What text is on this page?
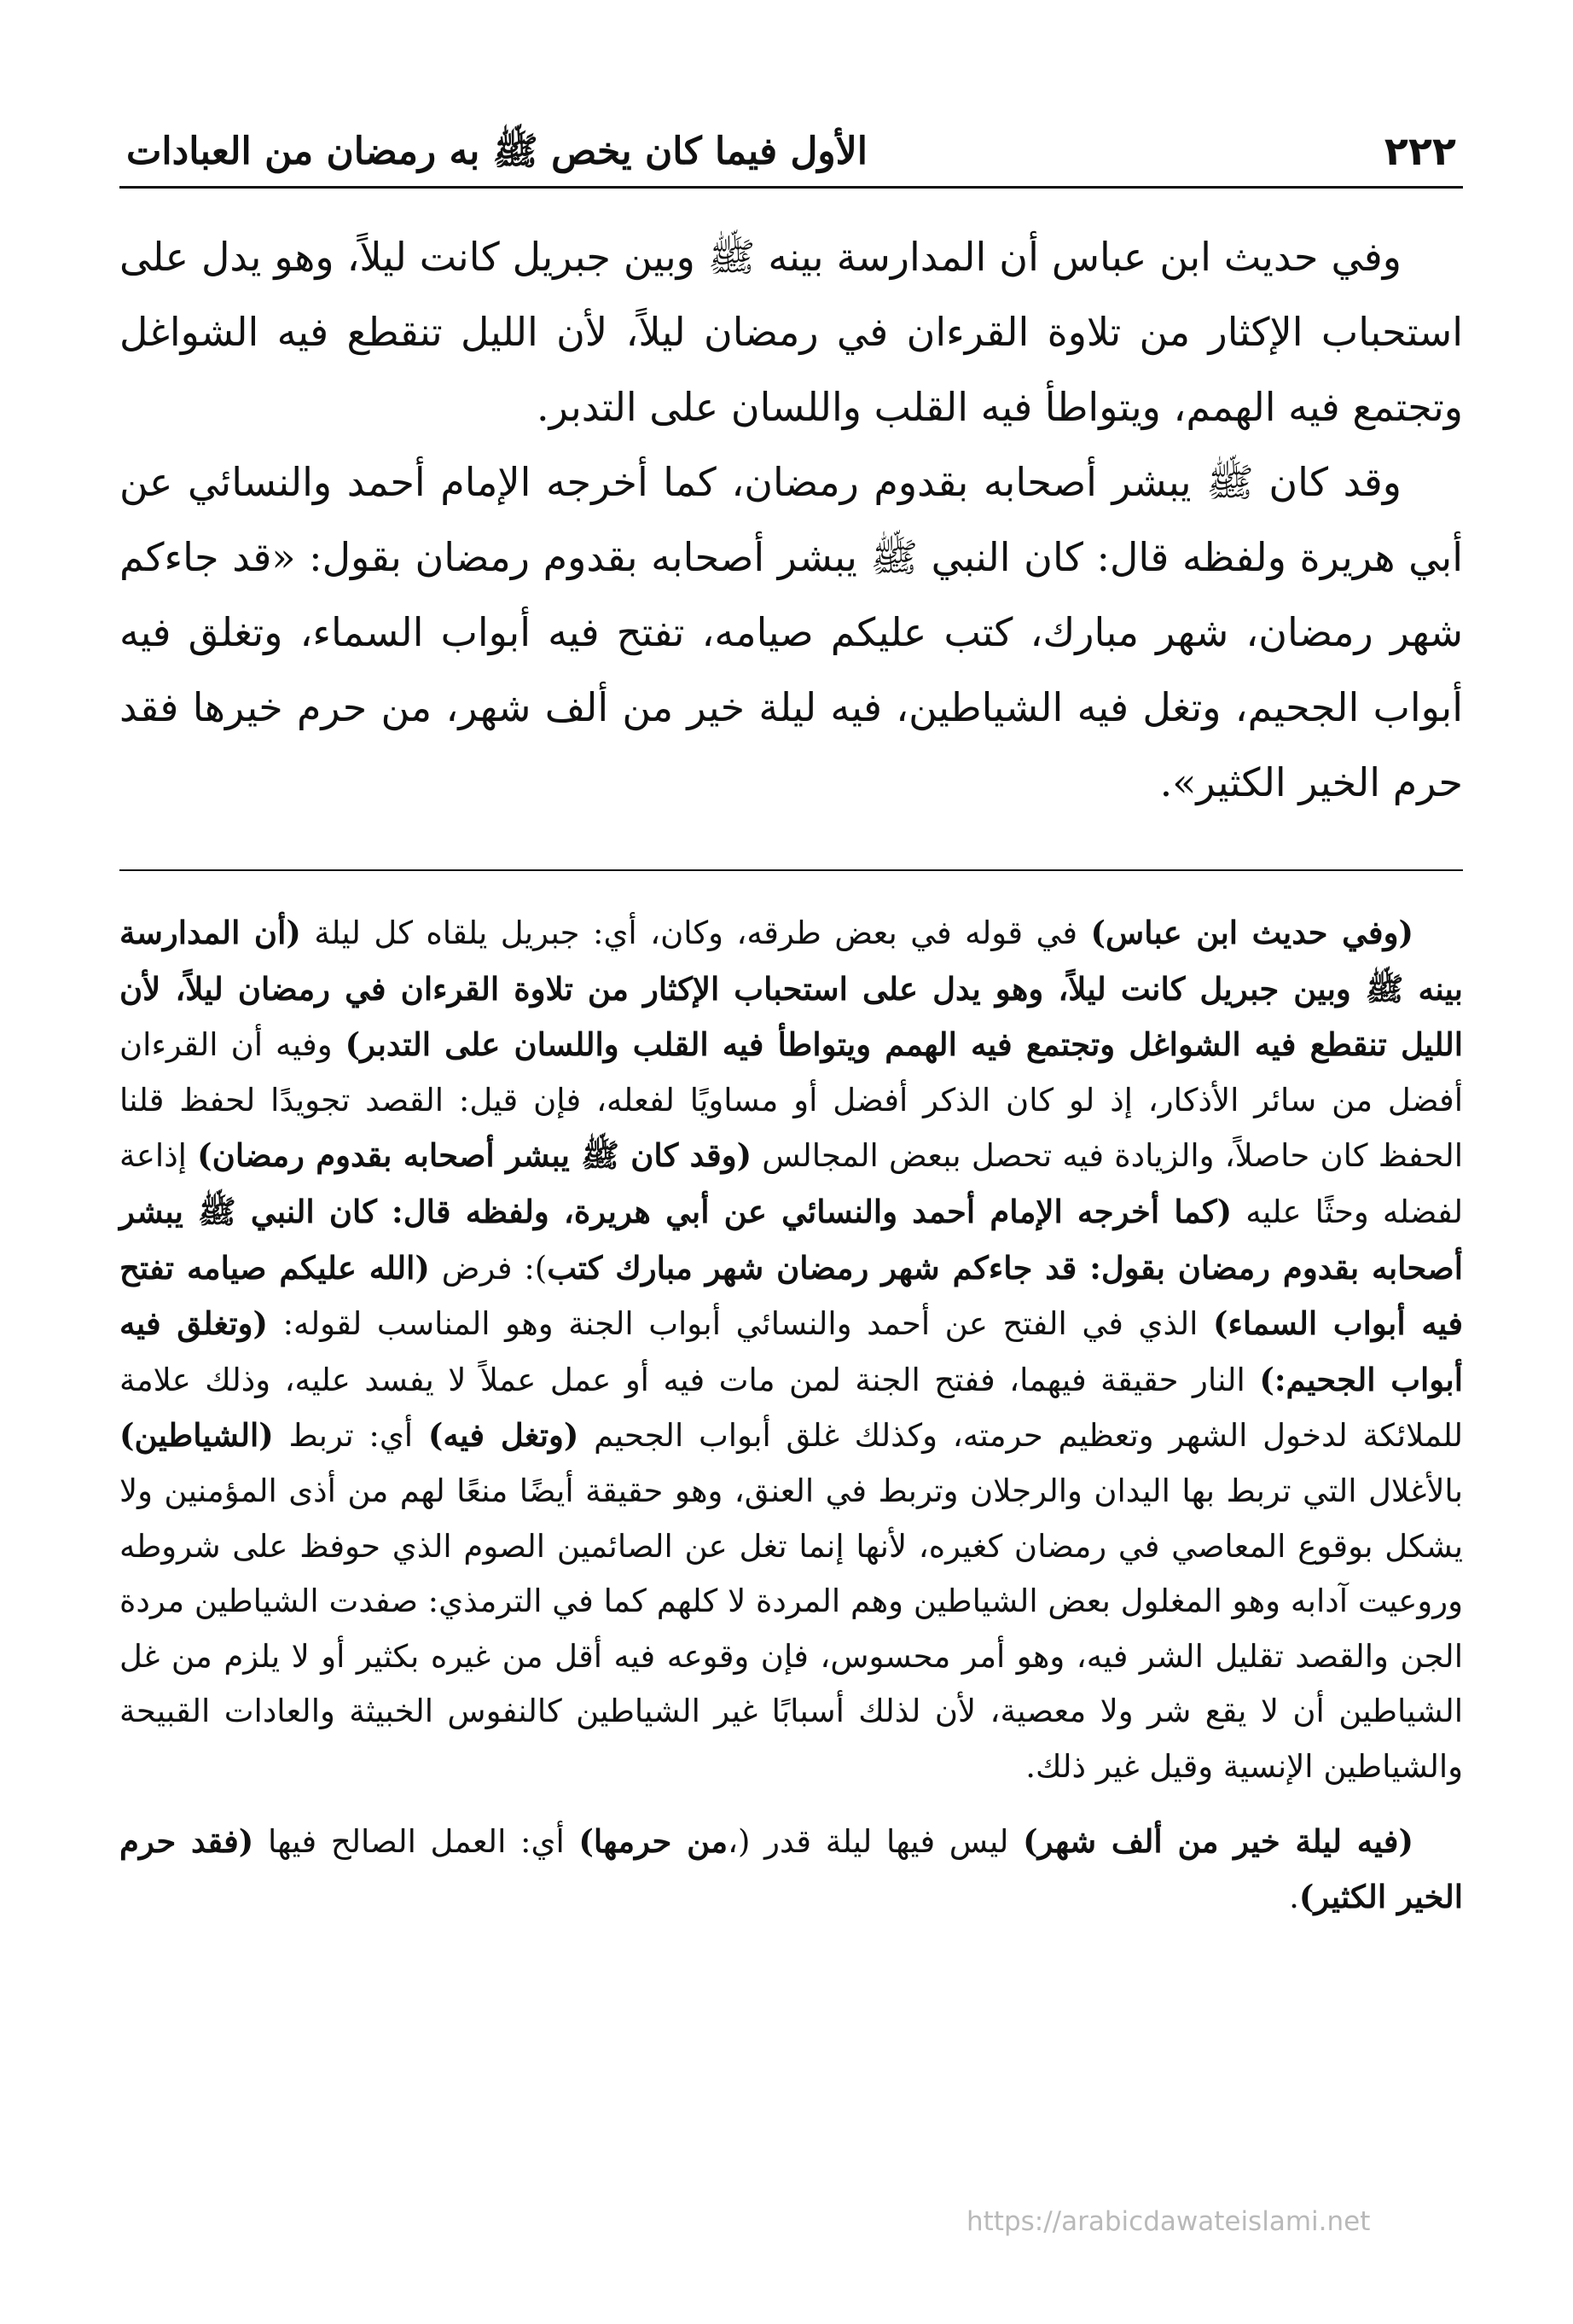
٢٢٢
الأول فيما كان يخص ﷺ به رمضان من العبادات

وفي حديث ابن عباس أن المدارسة بينه ﷺ وبين جبريل كانت ليلاً، وهو يدل على استحباب الإكثار من تلاوة القرءان في رمضان ليلاً، لأن الليل تنقطع فيه الشواغل وتجتمع فيه الهمم، ويتواطأ فيه القلب واللسان على التدبر.

وقد كان ﷺ يبشر أصحابه بقدوم رمضان، كما أخرجه الإمام أحمد والنسائي عن أبي هريرة ولفظه قال: كان النبي ﷺ يبشر أصحابه بقدوم رمضان بقول: «قد جاءكم شهر رمضان، شهر مبارك، كتب عليكم صيامه، تفتح فيه أبواب السماء، وتغلق فيه أبواب الجحيم، وتغل فيه الشياطين، فيه ليلة خير من ألف شهر، من حرم خيرها فقد حرم الخير الكثير».

(وفي حديث ابن عباس) في قوله في بعض طرقه، وكان، أي: جبريل يلقاه كل ليلة (أن المدارسة بينه ﷺ وبين جبريل كانت ليلاً، وهو يدل على استحباب الإكثار من تلاوة القرءان في رمضان ليلاً، لأن الليل تنقطع فيه الشواغل وتجتمع فيه الهمم ويتواطأ فيه القلب واللسان على التدبر) وفيه أن القرءان أفضل من سائر الأذكار، إذ لو كان الذكر أفضل أو مساويًا لفعله، فإن قيل: القصد تجويدًا لحفظ قلنا الحفظ كان حاصلاً، والزيادة فيه تحصل ببعض المجالس (وقد كان ﷺ يبشر أصحابه بقدوم رمضان) إذاعة لفضله وحثًا عليه (كما أخرجه الإمام أحمد والنسائي عن أبي هريرة، ولفظه قال: كان النبي ﷺ يبشر أصحابه بقدوم رمضان بقول: قد جاءكم شهر رمضان شهر مبارك كتب): فرض (الله عليكم صيامه تفتح فيه أبواب السماء) الذي في الفتح عن أحمد والنسائي أبواب الجنة وهو المناسب لقوله: (وتغلق فيه أبواب الجحيم:) النار حقيقة فيهما، ففتح الجنة لمن مات فيه أو عمل عملاً لا يفسد عليه، وذلك علامة للملائكة لدخول الشهر وتعظيم حرمته، وكذلك غلق أبواب الجحيم (وتغل فيه) أي: تربط (الشياطين) بالأغلال التي تربط بها اليدان والرجلان وتربط في العنق، وهو حقيقة أيضًا منعًا لهم من أذى المؤمنين ولا يشكل بوقوع المعاصي في رمضان كغيره، لأنها إنما تغل عن الصائمين الصوم الذي حوفظ على شروطه وروعيت آدابه وهو المغلول بعض الشياطين وهم المردة لا كلهم كما في الترمذي: صفدت الشياطين مردة الجن والقصد تقليل الشر فيه، وهو أمر محسوس، فإن وقوعه فيه أقل من غيره بكثير أو لا يلزم من غل الشياطين أن لا يقع شر ولا معصية، لأن لذلك أسبابًا غير الشياطين كالنفوس الخبيثة والعادات القبيحة والشياطين الإنسية وقيل غير ذلك.

(فيه ليلة خير من ألف شهر) ليس فيها ليلة قدر (،من حرمها) أي: العمل الصالح فيها (فقد حرم الخير الكثير).

https://arabicdawateislami.net
